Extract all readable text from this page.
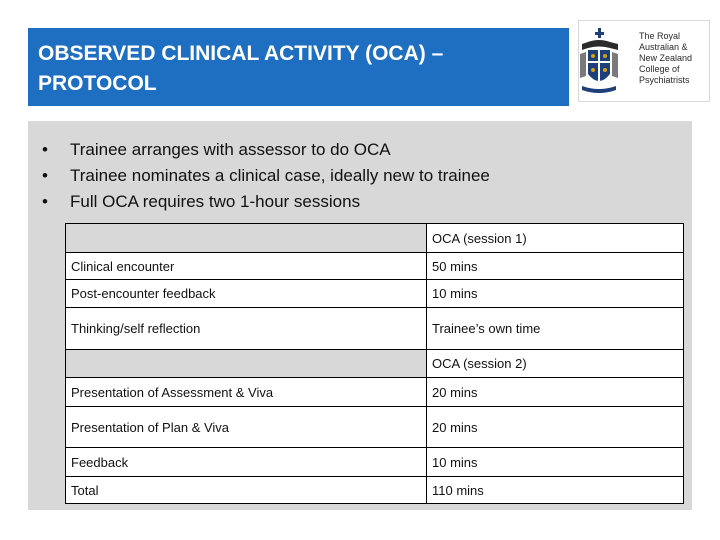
OBSERVED CLINICAL ACTIVITY (OCA) –
PROTOCOL
The Royal
Australian &
New Zealand
College of
Psychiatrists
• Trainee arranges with assessor to do OCA
• Trainee nominates a clinical case, ideally new to trainee
• Full OCA requires two 1-hour sessions
	OCA (session 1)
Clinical encounter	50 mins
Post-encounter feedback	10 mins
Thinking/self reflection	Trainee’s own time
	OCA (session 2)
Presentation of Assessment & Viva	20 mins
Presentation of Plan & Viva	20 mins
Feedback	10 mins
Total	110 mins
